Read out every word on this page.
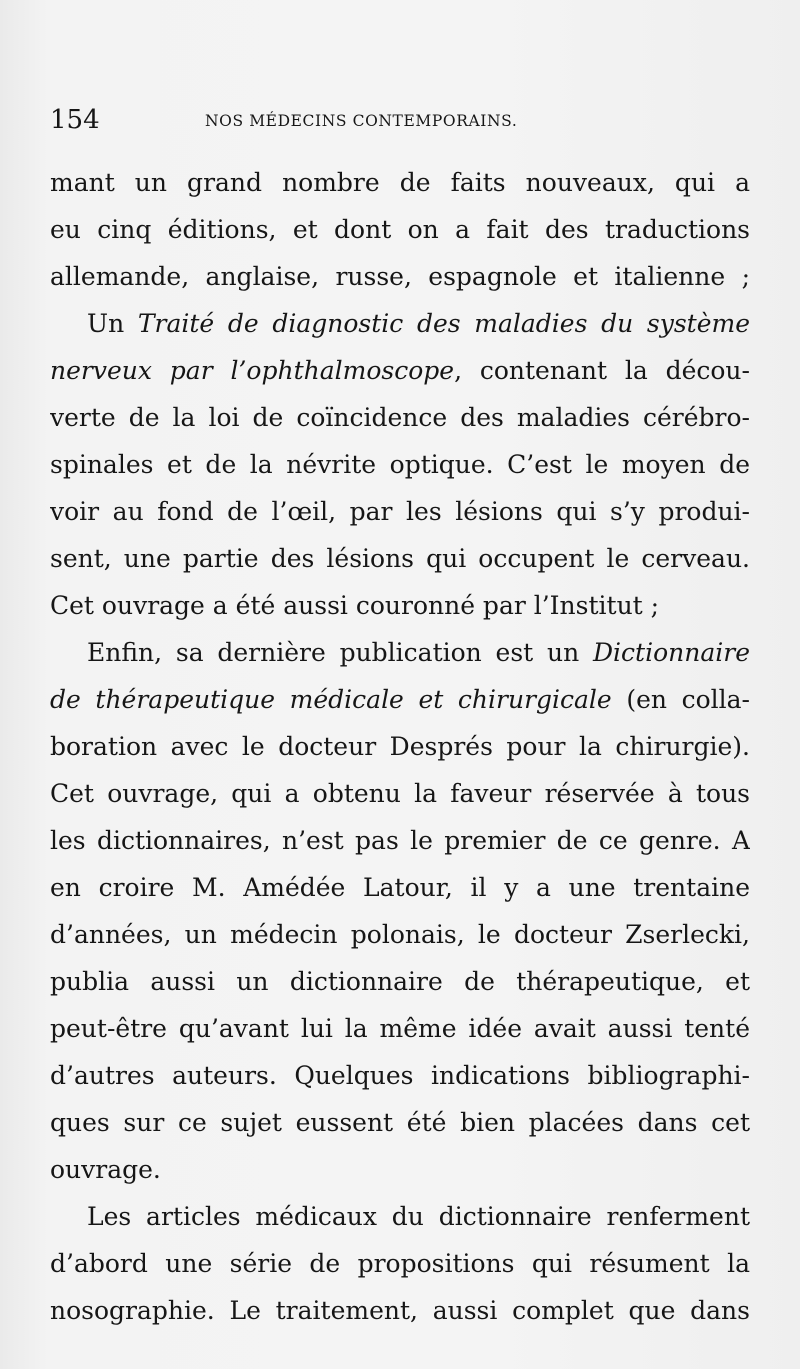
154	NOS MÉDECINS CONTEMPORAINS.
mant un grand nombre de faits nouveaux, qui a
eu cinq éditions, et dont on a fait des traductions
allemande, anglaise, russe, espagnole et italienne ;
Un Traité de diagnostic des maladies du système
nerveux par l’ophthalmoscope, contenant la décou-
verte de la loi de coïncidence des maladies cérébro-
spinales et de la névrite optique. C’est le moyen de
voir au fond de l’œil, par les lésions qui s’y produi-
sent, une partie des lésions qui occupent le cerveau.
Cet ouvrage a été aussi couronné par l’Institut ;
Enfin, sa dernière publication est un Dictionnaire
de thérapeutique médicale et chirurgicale (en colla-
boration avec le docteur Després pour la chirurgie).
Cet ouvrage, qui a obtenu la faveur réservée à tous
les dictionnaires, n’est pas le premier de ce genre. A
en croire M. Amédée Latour, il y a une trentaine
d’années, un médecin polonais, le docteur Zserlecki,
publia aussi un dictionnaire de thérapeutique, et
peut-être qu’avant lui la même idée avait aussi tenté
d’autres auteurs. Quelques indications bibliographi-
ques sur ce sujet eussent été bien placées dans cet
ouvrage.
Les articles médicaux du dictionnaire renferment
d’abord une série de propositions qui résument la
nosographie. Le traitement, aussi complet que dans
